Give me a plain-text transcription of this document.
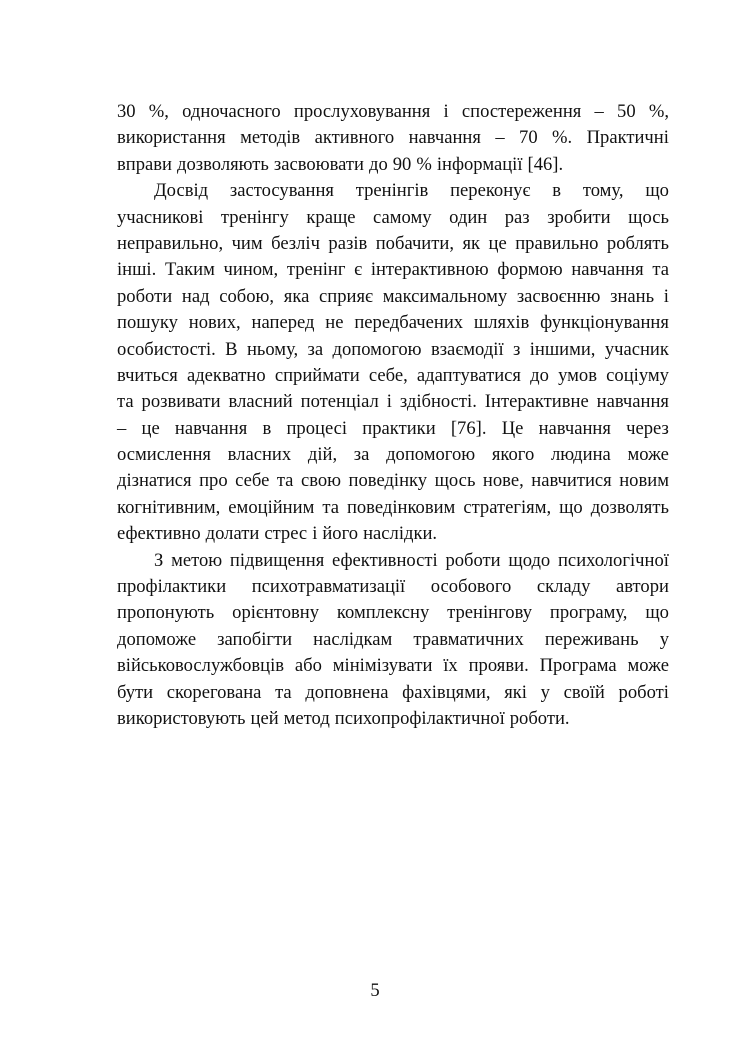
30 %, одночасного прослуховування і спостереження – 50 %,
використання методів активного навчання – 70 %. Практичні
вправи дозволяють засвоювати до 90 % інформації [46].
Досвід застосування тренінгів переконує в тому, що
учасникові тренінгу краще самому один раз зробити щось
неправильно, чим безліч разів побачити, як це правильно роблять
інші. Таким чином, тренінг є інтерактивною формою навчання та
роботи над собою, яка сприяє максимальному засвоєнню знань і
пошуку нових, наперед не передбачених шляхів функціонування
особистості. В ньому, за допомогою взаємодії з іншими, учасник
вчиться адекватно сприймати себе, адаптуватися до умов соціуму
та розвивати власний потенціал і здібності. Інтерактивне навчання
– це навчання в процесі практики [76]. Це навчання через
осмислення власних дій, за допомогою якого людина може
дізнатися про себе та свою поведінку щось нове, навчитися новим
когнітивним, емоційним та поведінковим стратегіям, що дозволять
ефективно долати стрес і його наслідки.
З метою підвищення ефективності роботи щодо психологічної
профілактики психотравматизації особового складу автори
пропонують орієнтовну комплексну тренінгову програму, що
допоможе запобігти наслідкам травматичних переживань у
військовослужбовців або мінімізувати їх прояви. Програма може
бути скорегована та доповнена фахівцями, які у своїй роботі
використовують цей метод психопрофілактичної роботи.
5
